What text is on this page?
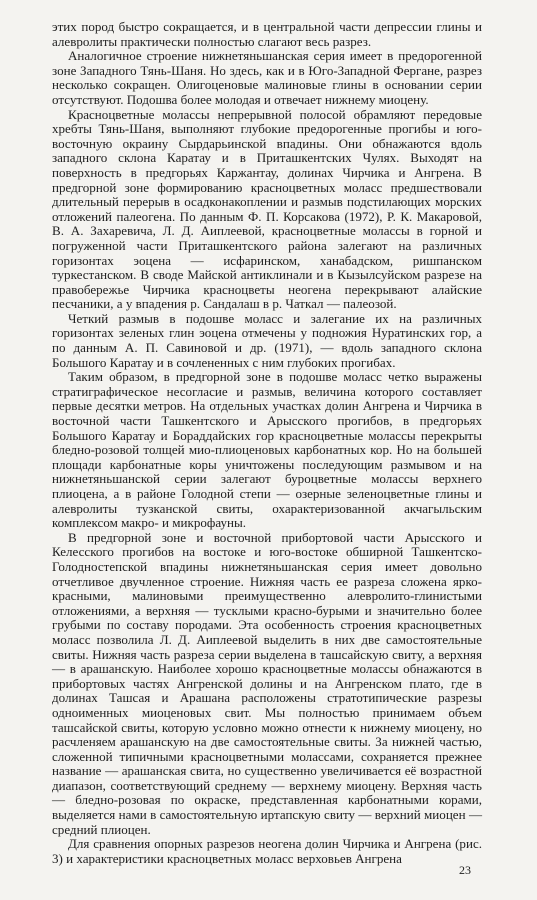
этих пород быстро сокращается, и в центральной части депрессии глины и алевролиты практически полностью слагают весь разрез.

Аналогичное строение нижнетяньшанская серия имеет в предорогенной зоне Западного Тянь-Шаня. Но здесь, как и в Юго-Западной Фергане, разрез несколько сокращен. Олигоценовые малиновые глины в основании серии отсутствуют. Подошва более молодая и отвечает нижнему миоцену.

Красноцветные молассы непрерывной полосой обрамляют передовые хребты Тянь-Шаня, выполняют глубокие предорогенные прогибы и юго-восточную окраину Сырдарьинской впадины. Они обнажаются вдоль западного склона Каратау и в Приташкентских Чулях. Выходят на поверхность в предгорьях Каржантау, долинах Чирчика и Ангрена. В предгорной зоне формированию красноцветных моласс предшествовали длительный перерыв в осадконакоплении и размыв подстилающих морских отложений палеогена. По данным Ф. П. Корсакова (1972), Р. К. Макаровой, В. А. Захаревича, Л. Д. Аиплеевой, красноцветные молассы в горной и погруженной части Приташкентского района залегают на различных горизонтах эоцена — исфаринском, ханабадском, ришпанском туркестанском. В своде Майской антиклинали и в Кызылсуйском разрезе на правобережье Чирчика красноцветы неогена перекрывают алайские песчаники, а у впадения р. Сандалаш в р. Чаткал — палеозой.

Четкий размыв в подошве моласс и залегание их на различных горизонтах зеленых глин эоцена отмечены у подножия Нуратинских гор, а по данным А. П. Савиновой и др. (1971), — вдоль западного склона Большого Каратау и в сочлененных с ним глубоких прогибах.

Таким образом, в предгорной зоне в подошве моласс четко выражены стратиграфическое несогласие и размыв, величина которого составляет первые десятки метров. На отдельных участках долин Ангрена и Чирчика в восточной части Ташкентского и Арысского прогибов, в предгорьях Большого Каратау и Бораддайских гор красноцветные молассы перекрыты бледно-розовой толщей мио-плиоценовых карбонатных кор. Но на большей площади карбонатные коры уничтожены последующим размывом и на нижнетяньшанской серии залегают буроцветные молассы верхнего плиоцена, а в районе Голодной степи — озерные зеленоцветные глины и алевролиты тузканской свиты, охарактеризованной акчагыльским комплексом макро- и микрофауны.

В предгорной зоне и восточной прибортовой части Арысского и Келесского прогибов на востоке и юго-востоке обширной Ташкентско-Голодностепской впадины нижнетяньшанская серия имеет довольно отчетливое двучленное строение. Нижняя часть ее разреза сложена ярко-красными, малиновыми преимущественно алевролито-глинистыми отложениями, а верхняя — тусклыми красно-бурыми и значительно более грубыми по составу породами. Эта особенность строения красноцветных моласс позволила Л. Д. Аиплеевой выделить в них две самостоятельные свиты. Нижняя часть разреза серии выделена в ташсайскую свиту, а верхняя — в арашанскую. Наиболее хорошо красноцветные молассы обнажаются в прибортовых частях Ангренской долины и на Ангренском плато, где в долинах Ташсая и Арашана расположены стратотипические разрезы одноименных миоценовых свит. Мы полностью принимаем объем ташсайской свиты, которую условно можно отнести к нижнему миоцену, но расчленяем арашанскую на две самостоятельные свиты. За нижней частью, сложенной типичными красноцветными молассами, сохраняется прежнее название — арашанская свита, но существенно увеличивается её возрастной диапазон, соответствующий среднему — верхнему миоцену. Верхняя часть — бледно-розовая по окраске, представленная карбонатными корами, выделяется нами в самостоятельную иртапскую свиту — верхний миоцен — средний плиоцен.

Для сравнения опорных разрезов неогена долин Чирчика и Ангрена (рис. 3) и характеристики красноцветных моласс верховьев Ангрена

23
